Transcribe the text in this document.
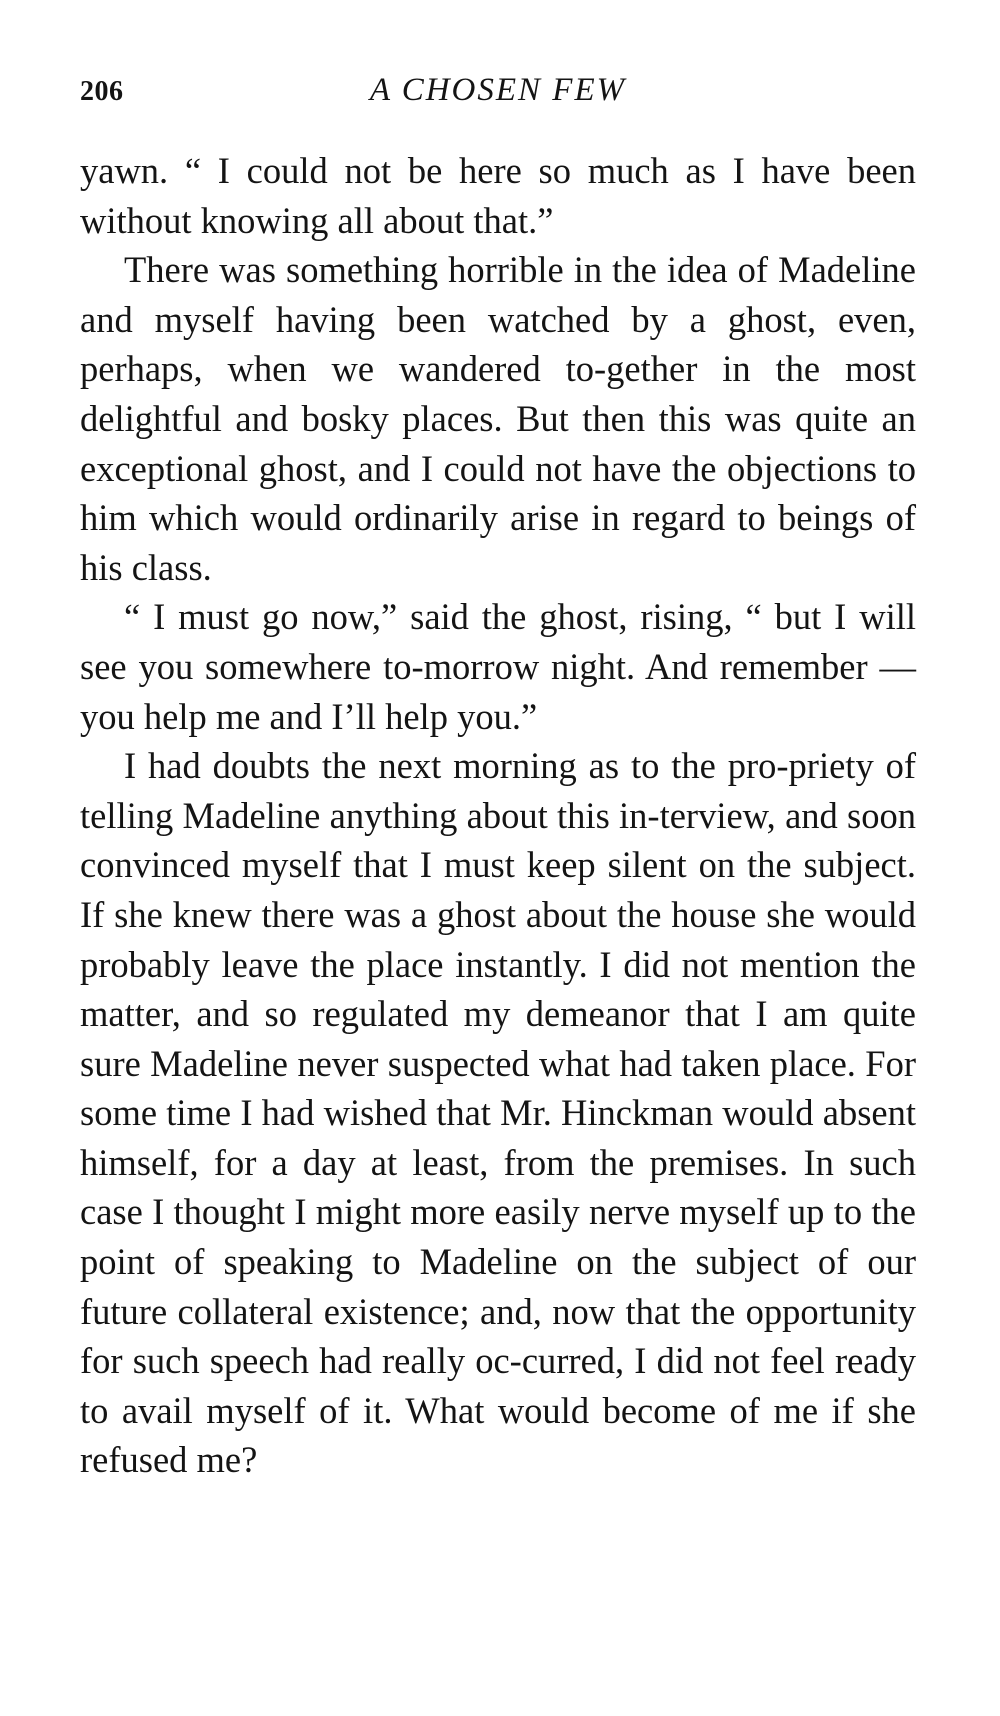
206	A CHOSEN FEW

yawn. “ I could not be here so much as I have been without knowing all about that.”

There was something horrible in the idea of Madeline and myself having been watched by a ghost, even, perhaps, when we wandered to-gether in the most delightful and bosky places. But then this was quite an exceptional ghost, and I could not have the objections to him which would ordinarily arise in regard to beings of his class.

“ I must go now,” said the ghost, rising, “ but I will see you somewhere to-morrow night. And remember — you help me and I’ll help you.”

I had doubts the next morning as to the pro-priety of telling Madeline anything about this in-terview, and soon convinced myself that I must keep silent on the subject. If she knew there was a ghost about the house she would probably leave the place instantly. I did not mention the matter, and so regulated my demeanor that I am quite sure Madeline never suspected what had taken place. For some time I had wished that Mr. Hinckman would absent himself, for a day at least, from the premises. In such case I thought I might more easily nerve myself up to the point of speaking to Madeline on the subject of our future collateral existence; and, now that the opportunity for such speech had really oc-curred, I did not feel ready to avail myself of it. What would become of me if she refused me?
